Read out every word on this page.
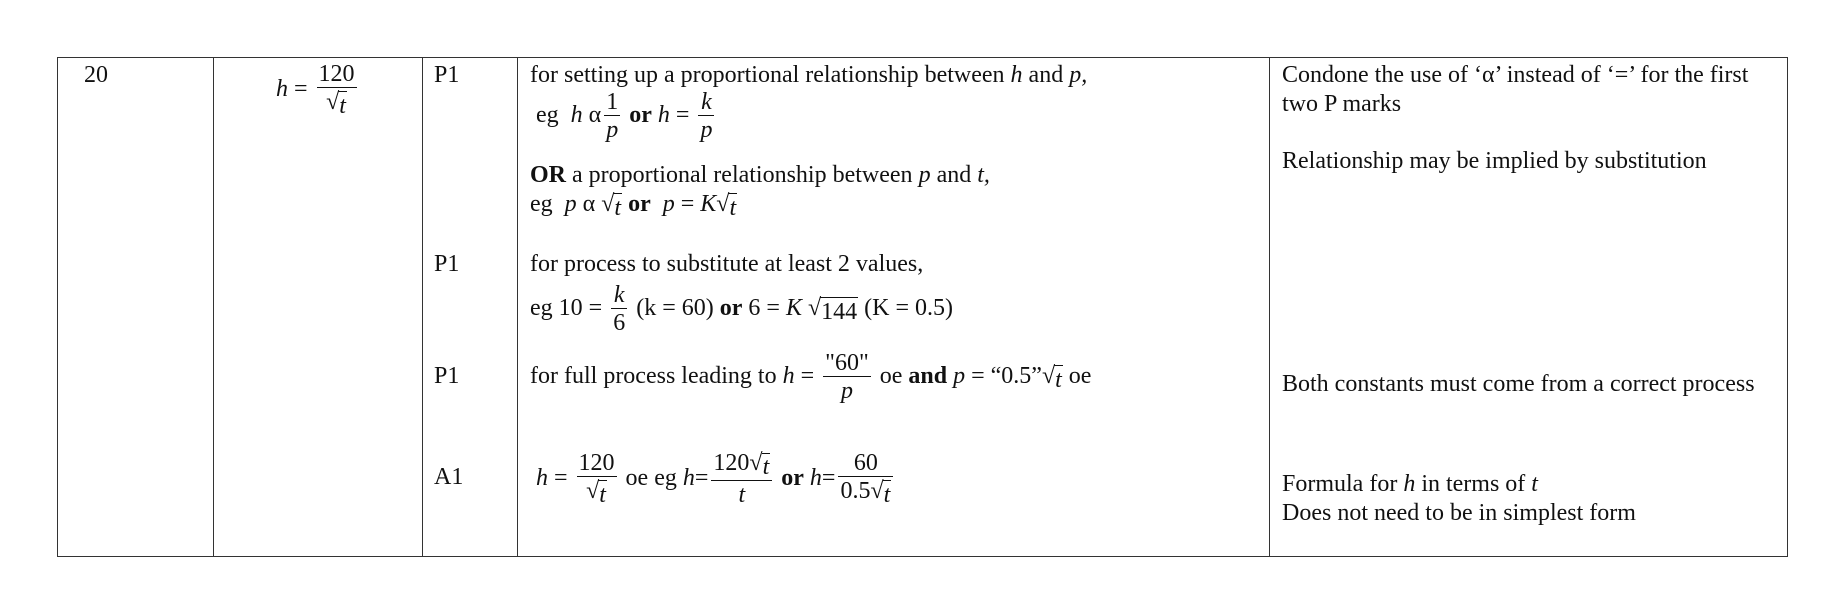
20
$h = \frac{120}{√ t}$	P1
P1
P1
A1
for setting up a proportional relationship between h and p,
eg h α $\frac{1}{p}$ or $h = \frac{k}{p}$
OR a proportional relationship between p and t,
eg p α √ t or p = K √ t
for process to substitute at least 2 values,
eg $10 = \frac{k}{6} (k = 60)$ or 6 = K √ 144 (K = 0.5)
for full process leading to $h = \frac{"60"}{p}$ oe and p = “0.5” √ t oe
$h = \frac{120}{√ t}$ oe eg $h= \frac{120 √ t}{t}$ or $h= \frac{60}{0.5 √ t}$
Condone the use of ‘α’ instead of ‘=’ for the first
two P marks
Relationship may be implied by substitution
Both constants must come from a correct process
Formula for h in terms of t
Does not need to be in simplest form
